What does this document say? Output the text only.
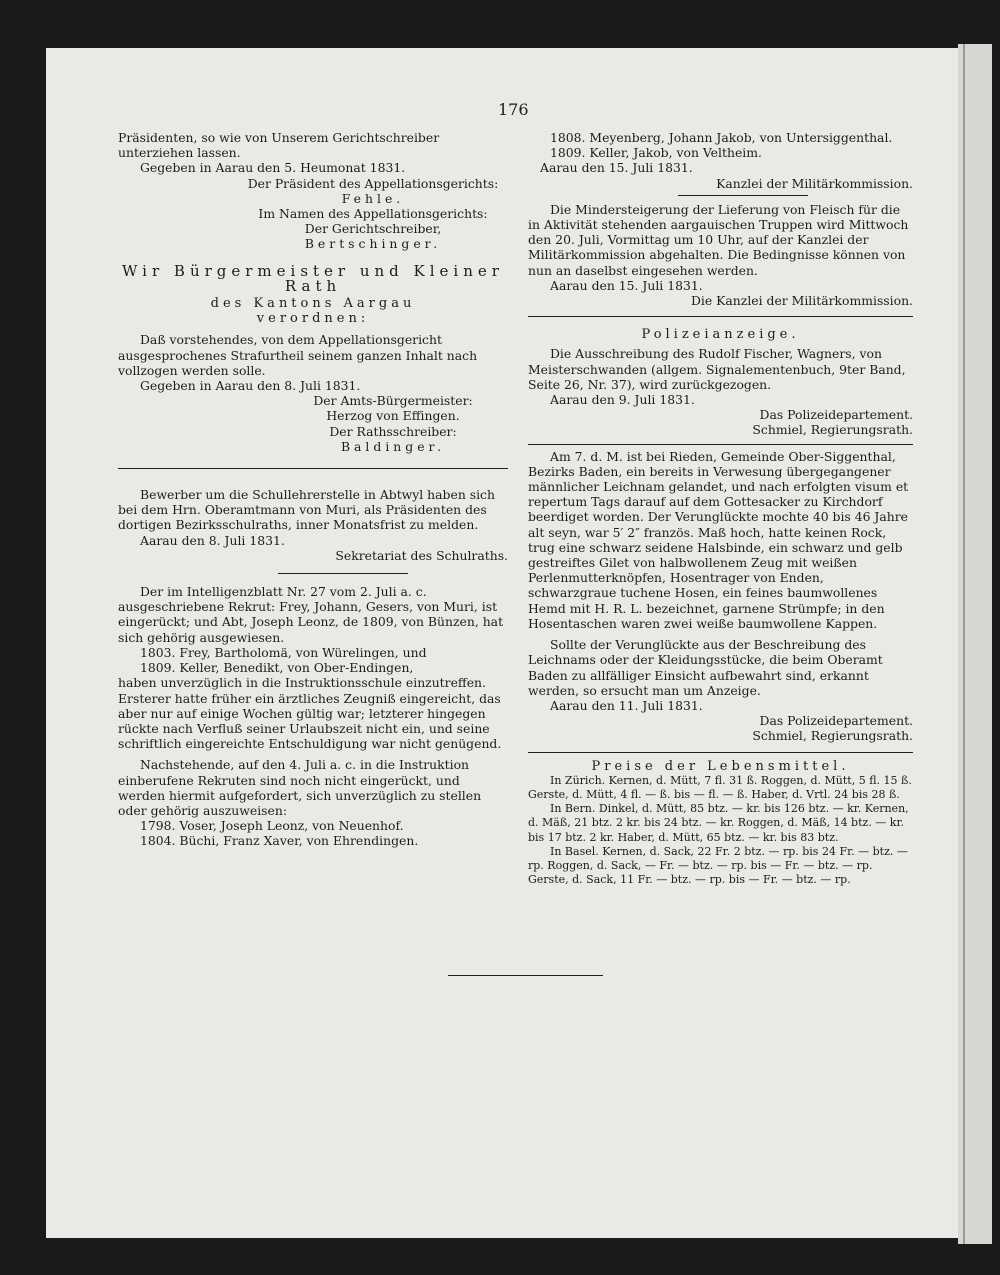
176

Präsidenten, so wie von Unserem Gerichtschreiber unterziehen lassen.

Gegeben in Aarau den 5. Heumonat 1831.

Der Präsident des Appellationsgerichts:

Fehle.

Im Namen des Appellationsgerichts:

Der Gerichtschreiber,

Bertschinger.

Wir Bürgermeister und Kleiner Rath
des Kantons Aargau
verordnen:

Daß vorstehendes, von dem Appellationsgericht ausgesprochenes Strafurtheil seinem ganzen Inhalt nach vollzogen werden solle.

Gegeben in Aarau den 8. Juli 1831.

Der Amts-Bürgermeister:

Herzog von Effingen.

Der Rathsschreiber:

Baldinger.

Bewerber um die Schullehrerstelle in Abtwyl haben sich bei dem Hrn. Oberamtmann von Muri, als Präsidenten des dortigen Bezirksschulraths, inner Monatsfrist zu melden.

Aarau den 8. Juli 1831.

Sekretariat des Schulraths.

Der im Intelligenzblatt Nr. 27 vom 2. Juli a. c. ausgeschriebene Rekrut: Frey, Johann, Gesers, von Muri, ist eingerückt; und Abt, Joseph Leonz, de 1809, von Bünzen, hat sich gehörig ausgewiesen.

1803. Frey, Bartholomä, von Würelingen, und

1809. Keller, Benedikt, von Ober-Endingen,

haben unverzüglich in die Instruktionsschule einzutreffen. Ersterer hatte früher ein ärztliches Zeugniß eingereicht, das aber nur auf einige Wochen gültig war; letzterer hingegen rückte nach Verfluß seiner Urlaubszeit nicht ein, und seine schriftlich eingereichte Entschuldigung war nicht genügend.

Nachstehende, auf den 4. Juli a. c. in die Instruktion einberufene Rekruten sind noch nicht eingerückt, und werden hiermit aufgefordert, sich unverzüglich zu stellen oder gehörig auszuweisen:

1798. Voser, Joseph Leonz, von Neuenhof.

1804. Büchi, Franz Xaver, von Ehrendingen.

1808. Meyenberg, Johann Jakob, von Untersiggenthal.

1809. Keller, Jakob, von Veltheim.

Aarau den 15. Juli 1831.

Kanzlei der Militärkommission.

Die Mindersteigerung der Lieferung von Fleisch für die in Aktivität stehenden aargauischen Truppen wird Mittwoch den 20. Juli, Vormittag um 10 Uhr, auf der Kanzlei der Militärkommission abgehalten. Die Bedingnisse können von nun an daselbst eingesehen werden.

Aarau den 15. Juli 1831.

Die Kanzlei der Militärkommission.

Polizeianzeige.

Die Ausschreibung des Rudolf Fischer, Wagners, von Meisterschwanden (allgem. Signalementenbuch, 9ter Band, Seite 26, Nr. 37), wird zurückgezogen.

Aarau den 9. Juli 1831.

Das Polizeidepartement.

Schmiel, Regierungsrath.

Am 7. d. M. ist bei Rieden, Gemeinde Ober-Siggenthal, Bezirks Baden, ein bereits in Verwesung übergegangener männlicher Leichnam gelandet, und nach erfolgten visum et repertum Tags darauf auf dem Gottesacker zu Kirchdorf beerdiget worden. Der Verunglückte mochte 40 bis 46 Jahre alt seyn, war 5′ 2″ französ. Maß hoch, hatte keinen Rock, trug eine schwarz seidene Halsbinde, ein schwarz und gelb gestreiftes Gilet von halbwollenem Zeug mit weißen Perlenmutterknöpfen, Hosentrager von Enden, schwarzgraue tuchene Hosen, ein feines baumwollenes Hemd mit H. R. L. bezeichnet, garnene Strümpfe; in den Hosentaschen waren zwei weiße baumwollene Kappen.

Sollte der Verunglückte aus der Beschreibung des Leichnams oder der Kleidungsstücke, die beim Oberamt Baden zu allfälliger Einsicht aufbewahrt sind, erkannt werden, so ersucht man um Anzeige.

Aarau den 11. Juli 1831.

Das Polizeidepartement.

Schmiel, Regierungsrath.

Preise der Lebensmittel.

In Zürich. Kernen, d. Mütt, 7 fl. 31 ß. Roggen, d. Mütt, 5 fl. 15 ß. Gerste, d. Mütt, 4 fl. — ß. bis — fl. — ß. Haber, d. Vrtl. 24 bis 28 ß.

In Bern. Dinkel, d. Mütt, 85 btz. — kr. bis 126 btz. — kr. Kernen, d. Mäß, 21 btz. 2 kr. bis 24 btz. — kr. Roggen, d. Mäß, 14 btz. — kr. bis 17 btz. 2 kr. Haber, d. Mütt, 65 btz. — kr. bis 83 btz.

In Basel. Kernen, d. Sack, 22 Fr. 2 btz. — rp. bis 24 Fr. — btz. — rp. Roggen, d. Sack, — Fr. — btz. — rp. bis — Fr. — btz. — rp. Gerste, d. Sack, 11 Fr. — btz. — rp. bis — Fr. — btz. — rp.
